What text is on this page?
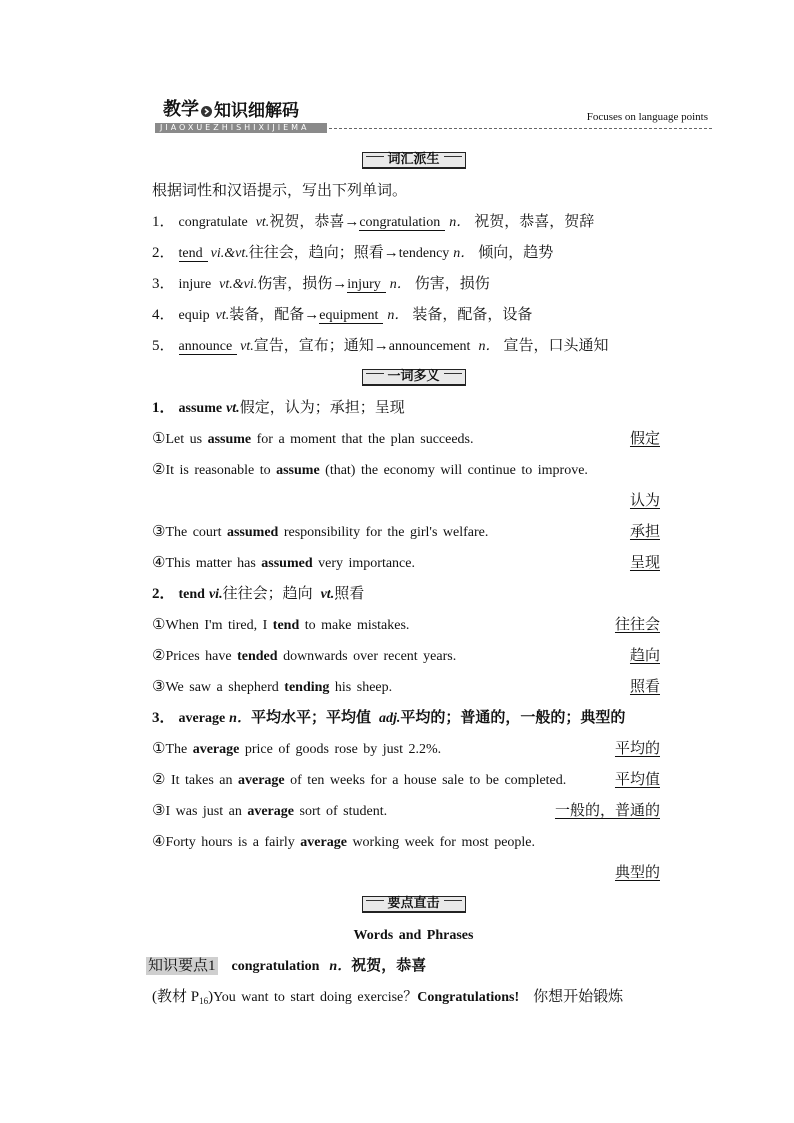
教学 知识细解码
JIAOXUEZHISHIXIJIEMA
Focuses on language points
词汇派生
根据词性和汉语提示，写出下列单词。
1． congratulate vt.祝贺，恭喜→congratulation n． 祝贺，恭喜，贺辞
2． tend vi.&vt.往往会，趋向；照看→tendency n． 倾向，趋势
3． injure vt.&vi.伤害，损伤→injury n． 伤害，损伤
4． equip vt.装备，配备→equipment n． 装备，配备，设备
5． announce vt.宣告，宣布；通知→announcement n． 宣告，口头通知
一词多义
1． assume vt.假定，认为；承担；呈现
①Let us assume for a moment that the plan succeeds.	假定
②It is reasonable to assume (that) the economy will continue to improve.
认为
③The court assumed responsibility for the girl's welfare.	承担
④This matter has assumed very importance.	呈现
2． tend vi.往往会；趋向 vt.照看
①When I'm tired, I tend to make mistakes.	往往会
②Prices have tended downwards over recent years.	趋向
③We saw a shepherd tending his sheep.	照看
3． average n．平均水平；平均值 adj.平均的；普通的，一般的；典型的
①The average price of goods rose by just 2.2%.	平均的
② It takes an average of ten weeks for a house sale to be completed.	平均值
③I was just an average sort of student.	一般的，普通的
④Forty hours is a fairly average working week for most people.
典型的
要点直击
Words and Phrases
知识要点1 congratulation n．祝贺，恭喜
(教材 $P_{16})You$ want to start doing exercise？Congratulations! 你想开始锻炼
